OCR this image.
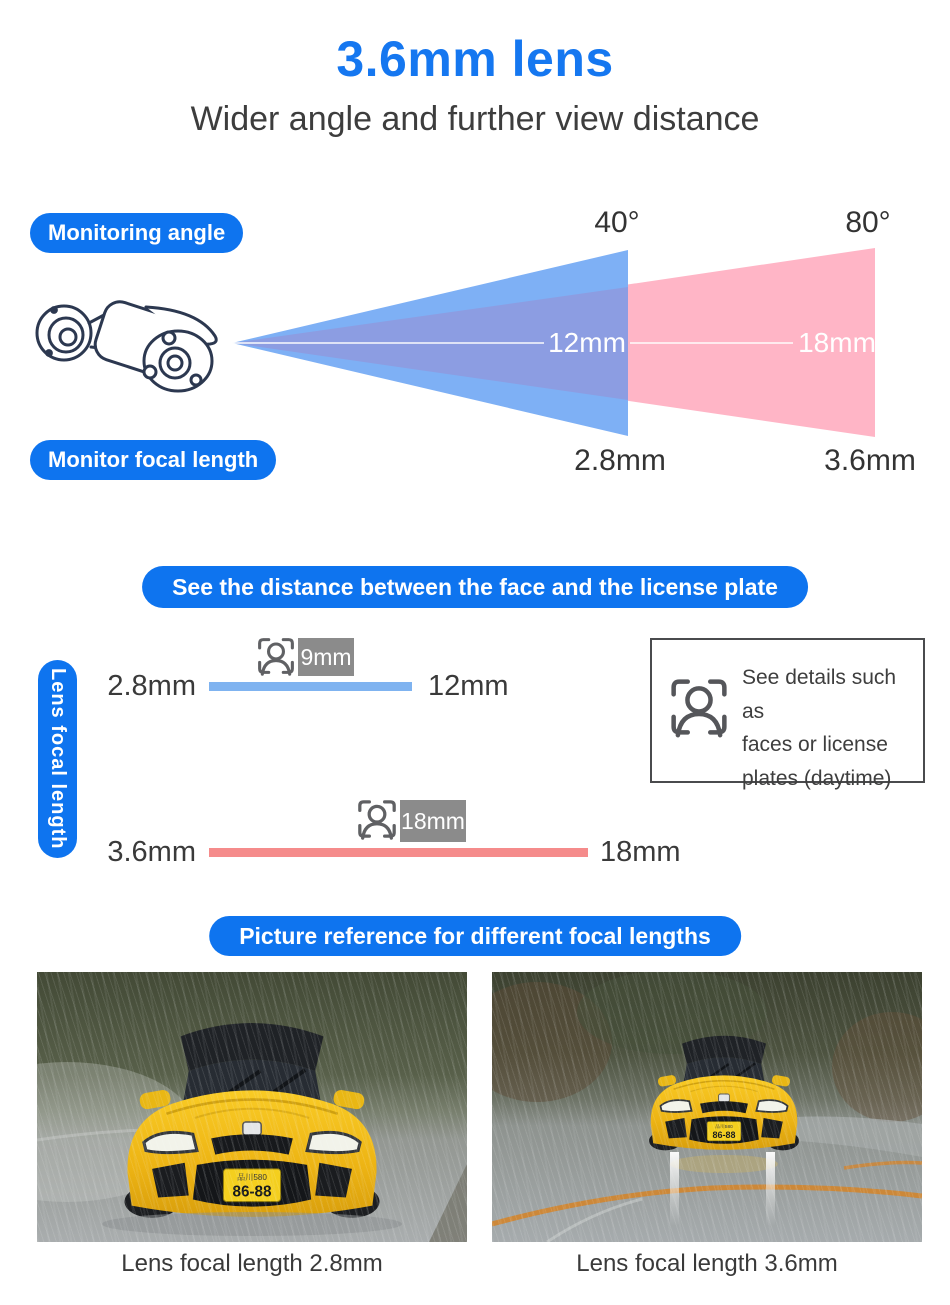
3.6mm lens
Wider angle and further view distance
Monitoring angle
Monitor focal length
40°	80°
12mm	18mm
2.8mm	3.6mm
See the distance between the face and the license plate
Lens focal length 2.8mm
9mm
12mm
3.6mm
18mm
18mm
See details such as
faces or license
plates (daytime)
Picture reference for different focal lengths
Lens focal length 2.8mm	Lens focal length 3.6mm
